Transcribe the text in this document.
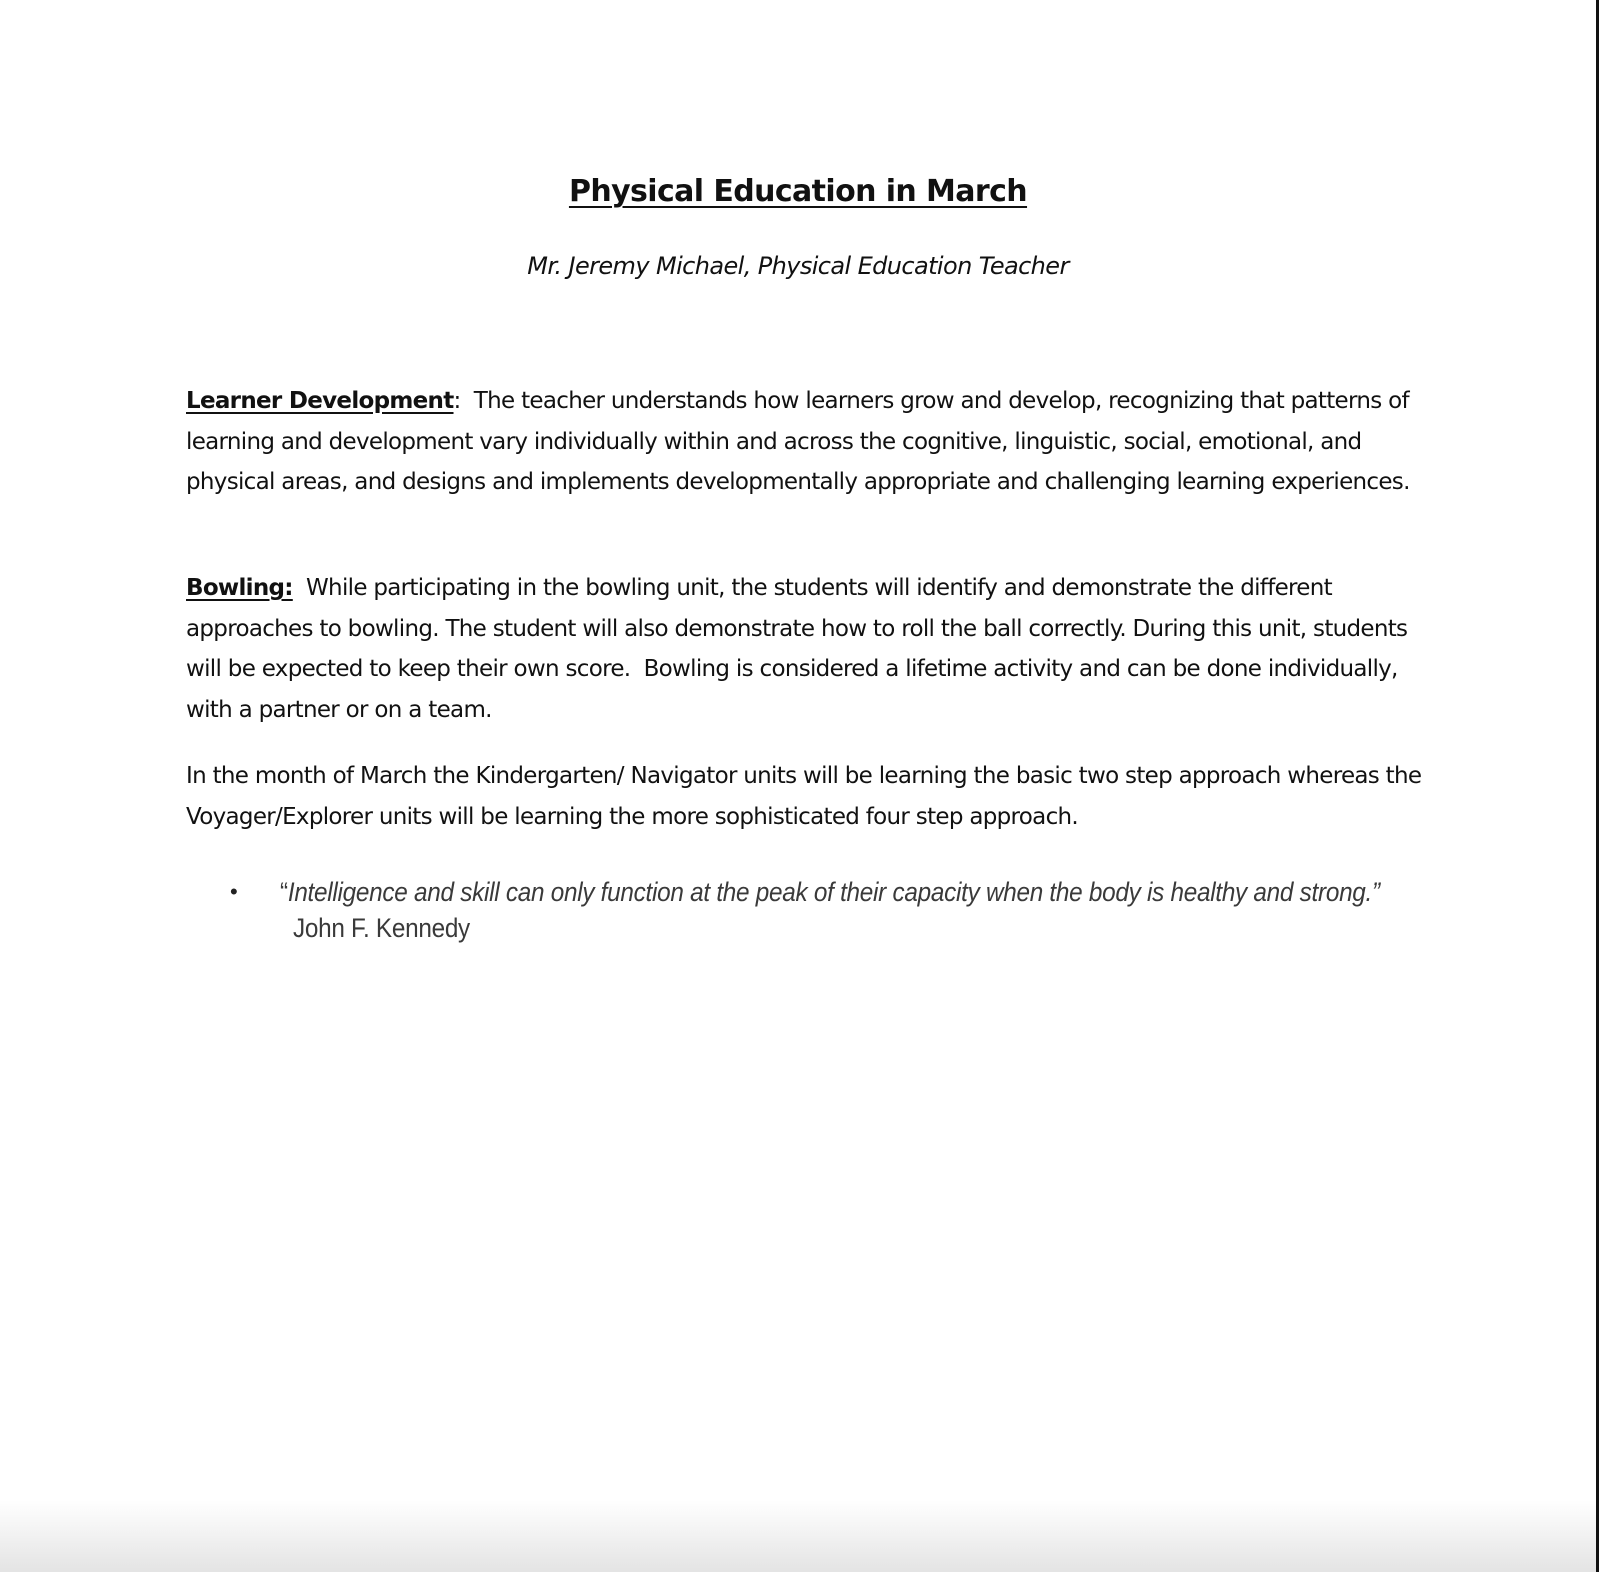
Physical Education in March
Mr. Jeremy Michael, Physical Education Teacher
Learner Development:  The teacher understands how learners grow and develop, recognizing that patterns of learning and development vary individually within and across the cognitive, linguistic, social, emotional, and physical areas, and designs and implements developmentally appropriate and challenging learning experiences.
Bowling:  While participating in the bowling unit, the students will identify and demonstrate the different approaches to bowling. The student will also demonstrate how to roll the ball correctly. During this unit, students will be expected to keep their own score.  Bowling is considered a lifetime activity and can be done individually, with a partner or on a team.
In the month of March the Kindergarten/ Navigator units will be learning the basic two step approach whereas the Voyager/Explorer units will be learning the more sophisticated four step approach.
•	“Intelligence and skill can only function at the peak of their capacity when the body is healthy and strong.”  John F. Kennedy
